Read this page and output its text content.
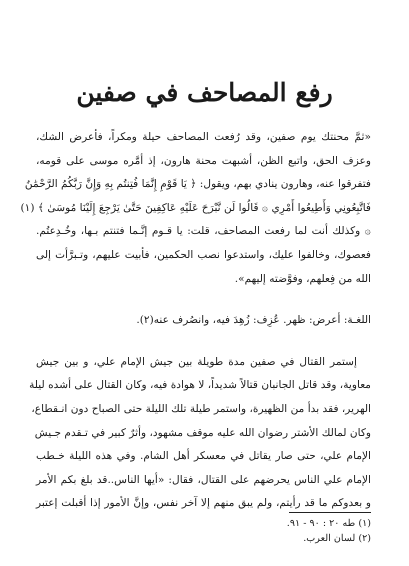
رفع المصاحف في صفين

«ثمَّ محنتك يوم صفين، وقد رُفعت المصاحف حيلة ومكراً، فأعرض الشك،
وعزف الحق، واتبع الظن، أشبهت محنة هارون، إذ أمَّره موسى على قومه،
فتفرقوا عنه، وهارون ينادي بهم، ويقول: ﴿ يَا قَوْمِ إِنَّمَا فُتِنتُم بِهِ وَإِنَّ رَبَّكُمُ الرَّحْمَٰنُ
فَاتَّبِعُونِي وَأَطِيعُوا أَمْرِي ۞ قَالُوا لَن نَّبْرَحَ عَلَيْهِ عَاكِفِينَ حَتَّىٰ يَرْجِعَ إِلَيْنَا مُوسَىٰ ﴾ (١)
۞ وكذلك أنت لما رفعت المصاحف، قلت: يا قـوم إنَّـما فتنتم بـها، وخُـدِعتُم.
فعصوك، وخالفوا عليك، واستدعوا نصب الحكمين، فأبيت عليهم، وتـبرَّأت إلى
الله من فِعلهم، وفوَّضته إليهم».

اللغـة: أعرض: ظهر. عُزِف: زُهِدَ فيه، وانصُرف عنه(٢).

إستمر القتال في صفين مدة طويلة بين جيش الإمام علي، و بين جيش
معاوية، وقد قاتل الجانبان قتالاً شديداً، لا هوادة فيه، وكان القتال على أشده ليلة
الهرير، فقد بدأ من الظهيرة، واستمر طيلة تلك الليلة حتى الصباح دون انـقطاع،
وكان لمالك الأشتر رضوان الله عليه موقف مشهود، وأثرٌ كبير في تـقدم جـيش
الإمام علي، حتى صار يقاتل في معسكر أهل الشام. وفي هذه الليلة خـطب
الإمام علي الناس يحرضهم على القتال، فقال: «أيها الناس..قد بلغ بكم الأمر
و بعدوكم ما قد رأيتم، ولم يبق منهم إلا آخر نفس، وإنَّ الأمور إذا أقبلت إعتبر

(١) طه ٢٠ : ٩٠ - ٩١.
(٢) لسان العرب.
